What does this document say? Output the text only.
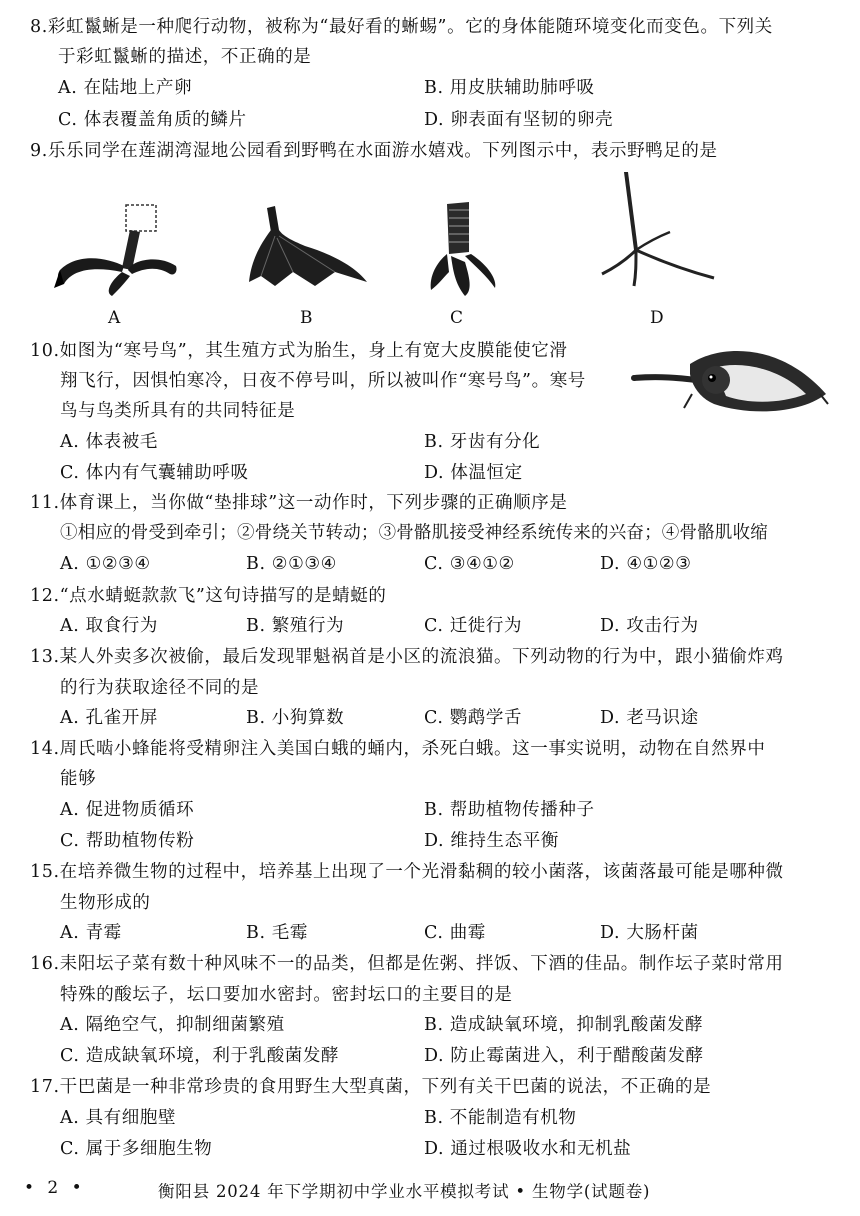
8.彩虹鬣蜥是一种爬行动物，被称为“最好看的蜥蜴”。它的身体能随环境变化而变色。下列关
于彩虹鬣蜥的描述，不正确的是
A. 在陆地上产卵	B. 用皮肤辅助肺呼吸
C. 体表覆盖角质的鳞片	D. 卵表面有坚韧的卵壳
9.乐乐同学在莲湖湾湿地公园看到野鸭在水面游水嬉戏。下列图示中，表示野鸭足的是
A	B	C	D
10.如图为“寒号鸟”，其生殖方式为胎生，身上有宽大皮膜能使它滑
翔飞行，因惧怕寒冷，日夜不停号叫，所以被叫作“寒号鸟”。寒号
鸟与鸟类所具有的共同特征是
A. 体表被毛	B. 牙齿有分化
C. 体内有气囊辅助呼吸	D. 体温恒定
11.体育课上，当你做“垫排球”这一动作时，下列步骤的正确顺序是
①相应的骨受到牵引；②骨绕关节转动；③骨骼肌接受神经系统传来的兴奋；④骨骼肌收缩
A. ①②③④	B. ②①③④	C. ③④①②	D. ④①②③
12.“点水蜻蜓款款飞”这句诗描写的是蜻蜓的
A. 取食行为	B. 繁殖行为	C. 迁徙行为	D. 攻击行为
13.某人外卖多次被偷，最后发现罪魁祸首是小区的流浪猫。下列动物的行为中，跟小猫偷炸鸡
的行为获取途径不同的是
A. 孔雀开屏	B. 小狗算数	C. 鹦鹉学舌	D. 老马识途
14.周氏啮小蜂能将受精卵注入美国白蛾的蛹内，杀死白蛾。这一事实说明，动物在自然界中
能够
A. 促进物质循环	B. 帮助植物传播种子
C. 帮助植物传粉	D. 维持生态平衡
15.在培养微生物的过程中，培养基上出现了一个光滑黏稠的较小菌落，该菌落最可能是哪种微
生物形成的
A. 青霉	B. 毛霉	C. 曲霉	D. 大肠杆菌
16.耒阳坛子菜有数十种风味不一的品类，但都是佐粥、拌饭、下酒的佳品。制作坛子菜时常用
特殊的酸坛子，坛口要加水密封。密封坛口的主要目的是
A. 隔绝空气，抑制细菌繁殖	B. 造成缺氧环境，抑制乳酸菌发酵
C. 造成缺氧环境，利于乳酸菌发酵	D. 防止霉菌进入，利于醋酸菌发酵
17.干巴菌是一种非常珍贵的食用野生大型真菌，下列有关干巴菌的说法，不正确的是
A. 具有细胞壁	B. 不能制造有机物
C. 属于多细胞生物	D. 通过根吸收水和无机盐
• 2 •	衡阳县 2024 年下学期初中学业水平模拟考试 • 生物学(试题卷)
